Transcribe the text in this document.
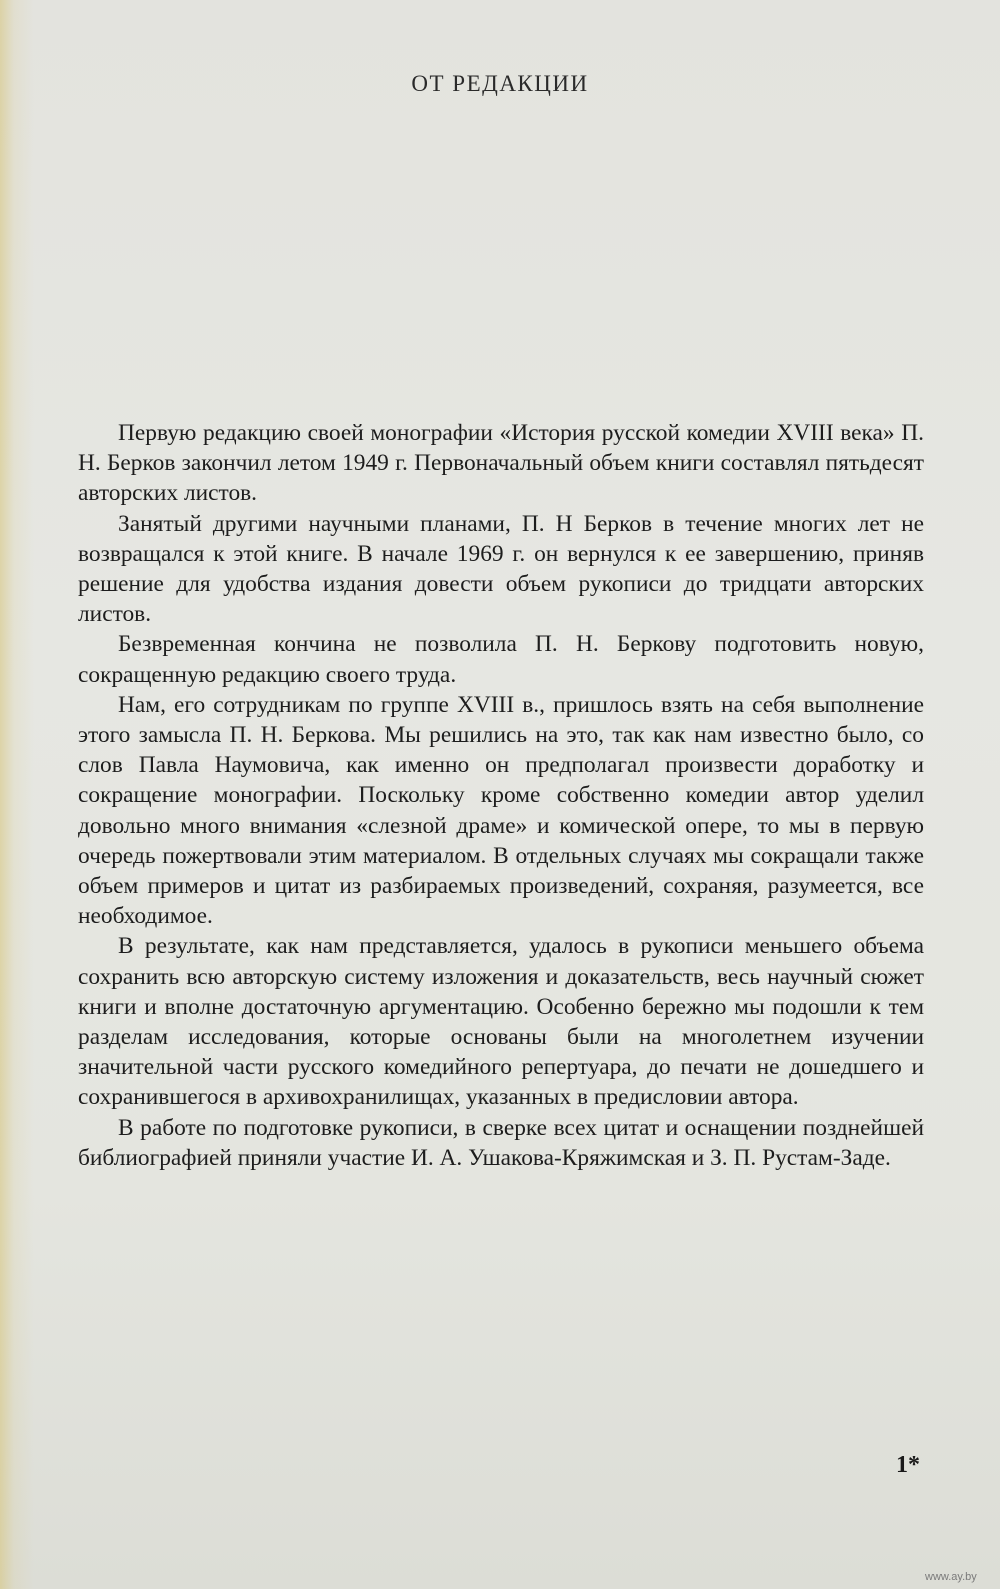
ОТ РЕДАКЦИИ

Первую редакцию своей монографии «История русской комедии XVIII века» П. Н. Берков закончил летом 1949 г. Первоначальный объем книги составлял пятьдесят авторских листов.

Занятый другими научными планами, П. Н Берков в течение многих лет не возвращался к этой книге. В начале 1969 г. он вернулся к ее завершению, приняв решение для удобства издания довести объем рукописи до тридцати авторских листов.

Безвременная кончина не позволила П. Н. Беркову подготовить новую, сокращенную редакцию своего труда.

Нам, его сотрудникам по группе XVIII в., пришлось взять на себя выполнение этого замысла П. Н. Беркова. Мы решились на это, так как нам известно было, со слов Павла Наумовича, как именно он предполагал произвести доработку и сокращение монографии. Поскольку кроме собственно комедии автор уделил довольно много внимания «слезной драме» и комической опере, то мы в первую очередь пожертвовали этим материалом. В отдельных случаях мы сокращали также объем примеров и цитат из разбираемых произведений, сохраняя, разумеется, все необходимое.

В результате, как нам представляется, удалось в рукописи меньшего объема сохранить всю авторскую систему изложения и доказательств, весь научный сюжет книги и вполне достаточную аргументацию. Особенно бережно мы подошли к тем разделам исследования, которые основаны были на многолетнем изучении значительной части русского комедийного репертуара, до печати не дошедшего и сохранившегося в архивохранилищах, указанных в предисловии автора.

В работе по подготовке рукописи, в сверке всех цитат и оснащении позднейшей библиографией приняли участие И. А. Ушакова-Кряжимская и З. П. Рустам-Заде.

1*
www.ay.by
